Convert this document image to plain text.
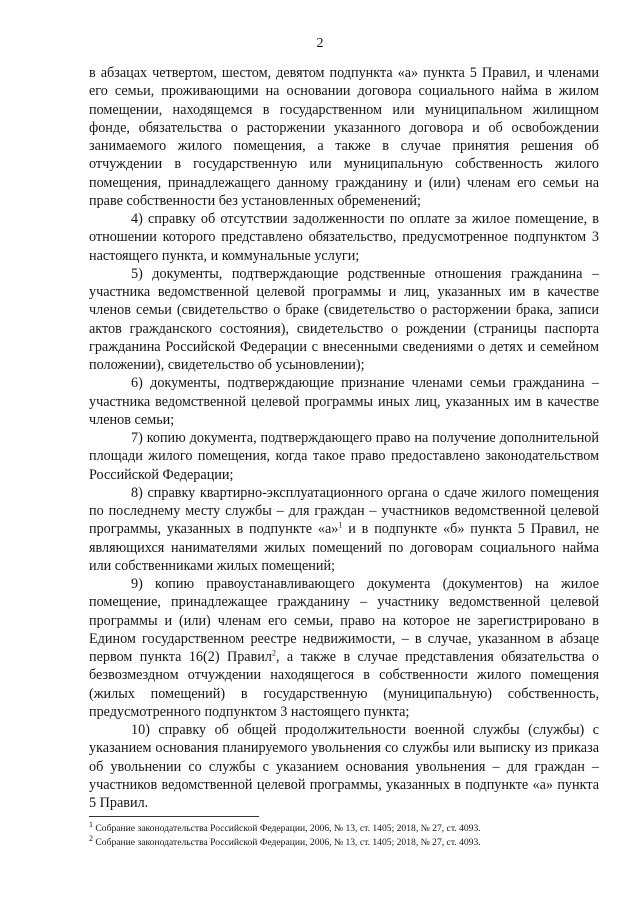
2

в абзацах четвертом, шестом, девятом подпункта «а» пункта 5 Правил, и членами его семьи, проживающими на основании договора социального найма в жилом помещении, находящемся в государственном или муниципальном жилищном фонде, обязательства о расторжении указанного договора и об освобождении занимаемого жилого помещения, а также в случае принятия решения об отчуждении в государственную или муниципальную собственность жилого помещения, принадлежащего данному гражданину и (или) членам его семьи на праве собственности без установленных обременений;

4) справку об отсутствии задолженности по оплате за жилое помещение, в отношении которого представлено обязательство, предусмотренное подпунктом 3 настоящего пункта, и коммунальные услуги;

5) документы, подтверждающие родственные отношения гражданина – участника ведомственной целевой программы и лиц, указанных им в качестве членов семьи (свидетельство о браке (свидетельство о расторжении брака, записи актов гражданского состояния), свидетельство о рождении (страницы паспорта гражданина Российской Федерации с внесенными сведениями о детях и семейном положении), свидетельство об усыновлении);

6) документы, подтверждающие признание членами семьи гражданина – участника ведомственной целевой программы иных лиц, указанных им в качестве членов семьи;

7) копию документа, подтверждающего право на получение дополнительной площади жилого помещения, когда такое право предоставлено законодательством Российской Федерации;

8) справку квартирно-эксплуатационного органа о сдаче жилого помещения по последнему месту службы – для граждан – участников ведомственной целевой программы, указанных в подпункте «а»$^1$ и в подпункте «б» пункта 5 Правил, не являющихся нанимателями жилых помещений по договорам социального найма или собственниками жилых помещений;

9) копию правоустанавливающего документа (документов) на жилое помещение, принадлежащее гражданину – участнику ведомственной целевой программы и (или) членам его семьи, право на которое не зарегистрировано в Едином государственном реестре недвижимости, – в случае, указанном в абзаце первом пункта 16(2) Правил$^2$, а также в случае представления обязательства о безвозмездном отчуждении находящегося в собственности жилого помещения (жилых помещений) в государственную (муниципальную) собственность, предусмотренного подпунктом 3 настоящего пункта;

10) справку об общей продолжительности военной службы (службы) с указанием основания планируемого увольнения со службы или выписку из приказа об увольнении со службы с указанием основания увольнения – для граждан – участников ведомственной целевой программы, указанных в подпункте «а» пункта 5 Правил.

$^1$ Собрание законодательства Российской Федерации, 2006, № 13, ст. 1405; 2018, № 27, ст. 4093.

$^2$ Собрание законодательства Российской Федерации, 2006, № 13, ст. 1405; 2018, № 27, ст. 4093.
